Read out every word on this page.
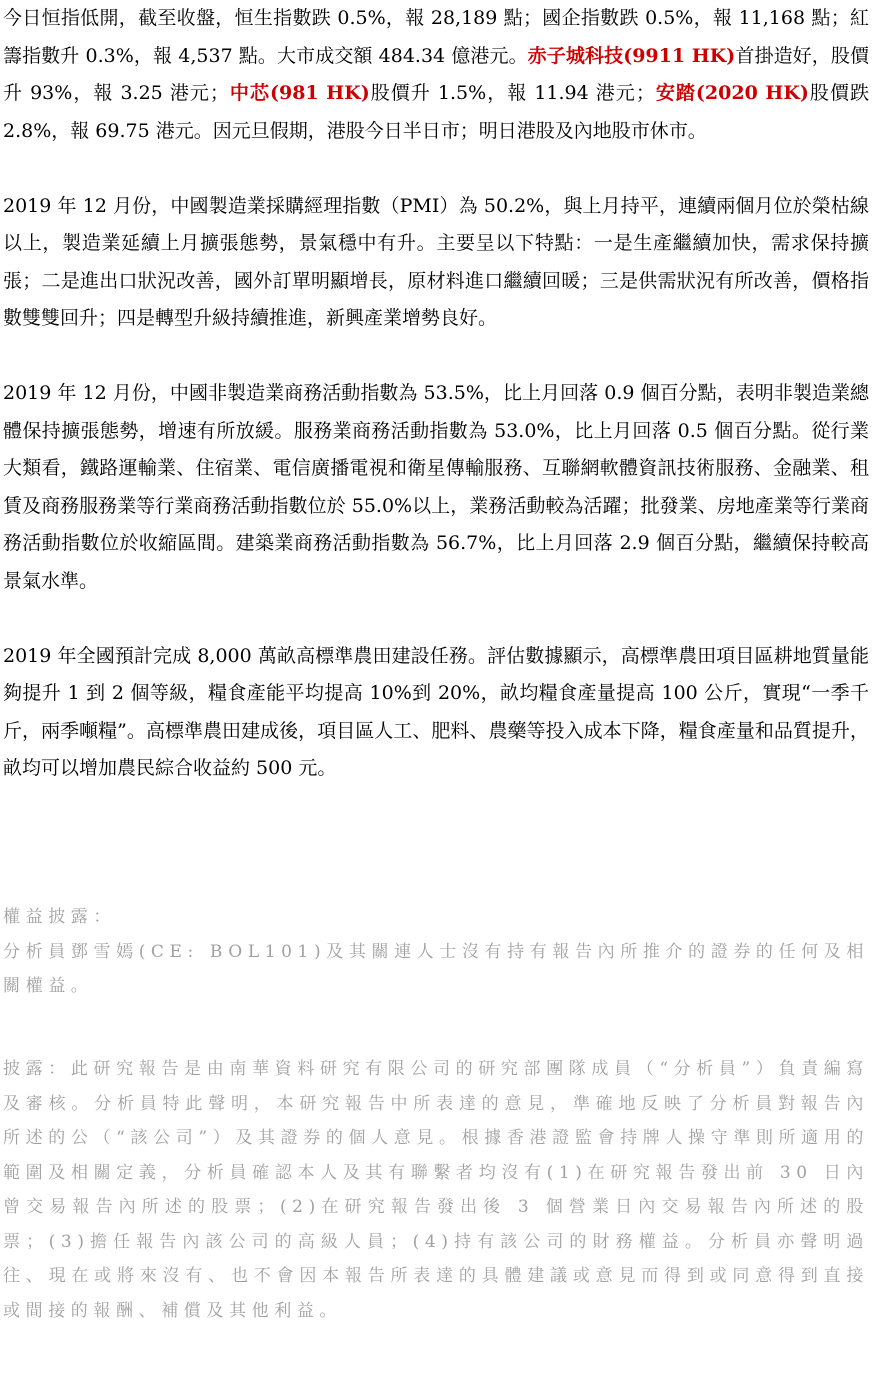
今日恒指低開，截至收盤，恒生指數跌 0.5%，報 28,189 點；國企指數跌 0.5%，報 11,168 點；紅籌指數升 0.3%，報 4,537 點。大市成交額 484.34 億港元。赤子城科技(9911 HK)首掛造好，股價升 93%，報 3.25 港元；中芯(981 HK)股價升 1.5%，報 11.94 港元；安踏(2020 HK)股價跌 2.8%，報 69.75 港元。因元旦假期，港股今日半日市；明日港股及內地股市休市。

2019 年 12 月份，中國製造業採購經理指數（PMI）為 50.2%，與上月持平，連續兩個月位於榮枯線以上，製造業延續上月擴張態勢，景氣穩中有升。主要呈以下特點：一是生產繼續加快，需求保持擴張；二是進出口狀況改善，國外訂單明顯增長，原材料進口繼續回暖；三是供需狀況有所改善，價格指數雙雙回升；四是轉型升級持續推進，新興產業增勢良好。

2019 年 12 月份，中國非製造業商務活動指數為 53.5%，比上月回落 0.9 個百分點，表明非製造業總體保持擴張態勢，增速有所放緩。服務業商務活動指數為 53.0%，比上月回落 0.5 個百分點。從行業大類看，鐵路運輸業、住宿業、電信廣播電視和衛星傳輸服務、互聯網軟體資訊技術服務、金融業、租賃及商務服務業等行業商務活動指數位於 55.0%以上，業務活動較為活躍；批發業、房地產業等行業商務活動指數位於收縮區間。建築業商務活動指數為 56.7%，比上月回落 2.9 個百分點，繼續保持較高景氣水準。

2019 年全國預計完成 8,000 萬畝高標準農田建設任務。評估數據顯示，高標準農田項目區耕地質量能夠提升 1 到 2 個等級，糧食產能平均提高 10%到 20%，畝均糧食產量提高 100 公斤，實現“一季千斤，兩季噸糧”。高標準農田建成後，項目區人工、肥料、農藥等投入成本下降，糧食產量和品質提升，畝均可以增加農民綜合收益約 500 元。

權益披露：

分析員鄧雪嫣(CE: BOL101)及其關連人士沒有持有報告內所推介的證券的任何及相關權益。

披露：此研究報告是由南華資料研究有限公司的研究部團隊成員（“分析員”）負責編寫及審核。分析員特此聲明，本研究報告中所表達的意見，準確地反映了分析員對報告內所述的公（“該公司”）及其證券的個人意見。根據香港證監會持牌人操守準則所適用的範圍及相關定義，分析員確認本人及其有聯繫者均沒有(1)在研究報告發出前 30 日內曾交易報告內所述的股票；(2)在研究報告發出後 3 個營業日內交易報告內所述的股票；(3)擔任報告內該公司的高級人員；(4)持有該公司的財務權益。分析員亦聲明過往、現在或將來沒有、也不會因本報告所表達的具體建議或意見而得到或同意得到直接或間接的報酬、補償及其他利益。
